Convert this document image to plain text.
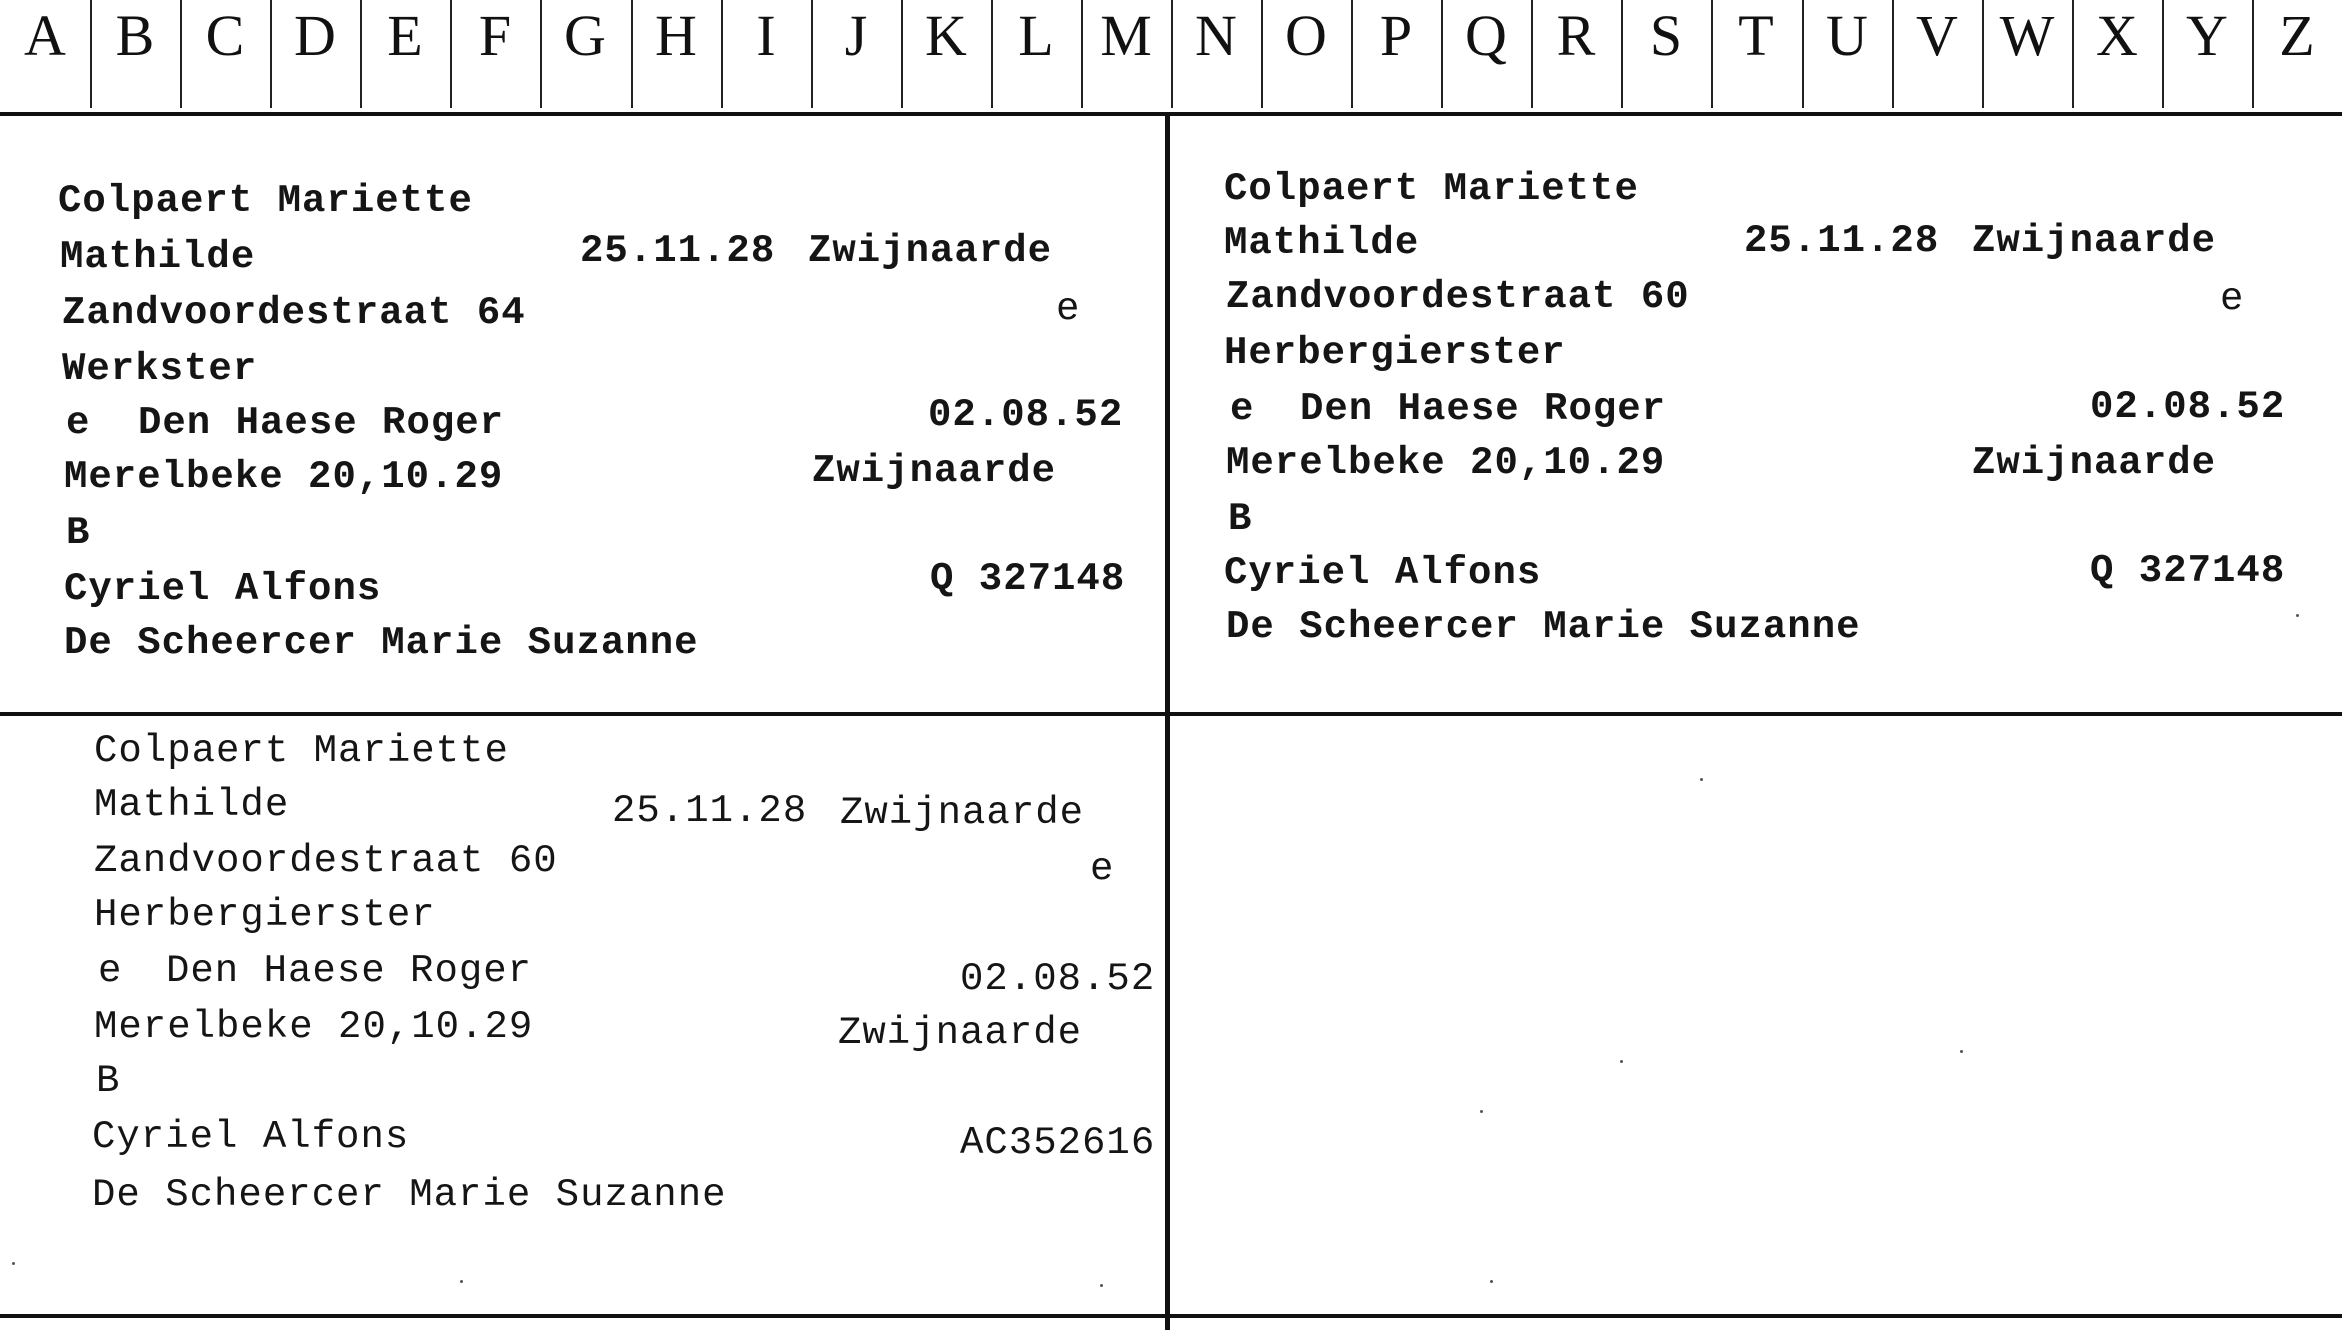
A B C D E F G H	I	J K L M N O P Q R S T U V W X Y Z
Colpaert Mariette
Mathilde	25.11.28 Zwijnaarde
Zandvoordestraat 64	e
Werkster
e Den Haese Roger	02.08.52
Merelbeke 20,10.29	Zwijnaarde
B
Cyriel Alfons	Q 327148
De Scheercer Marie Suzanne
Colpaert Mariette
Mathilde	25.11.28 Zwijnaarde
Zandvoordestraat 60	e
Herbergierster
e Den Haese Roger	02.08.52
Merelbeke 20,10.29	Zwijnaarde
B
Cyriel Alfons	Q 327148
De Scheercer Marie Suzanne
Colpaert Mariette
Mathilde	25.11.28 Zwijnaarde
Zandvoordestraat 60	e
Herbergierster
e Den Haese Roger	02.08.52
Merelbeke 20,10.29	Zwijnaarde
B
Cyriel Alfons	AC352616
De Scheercer Marie Suzanne
